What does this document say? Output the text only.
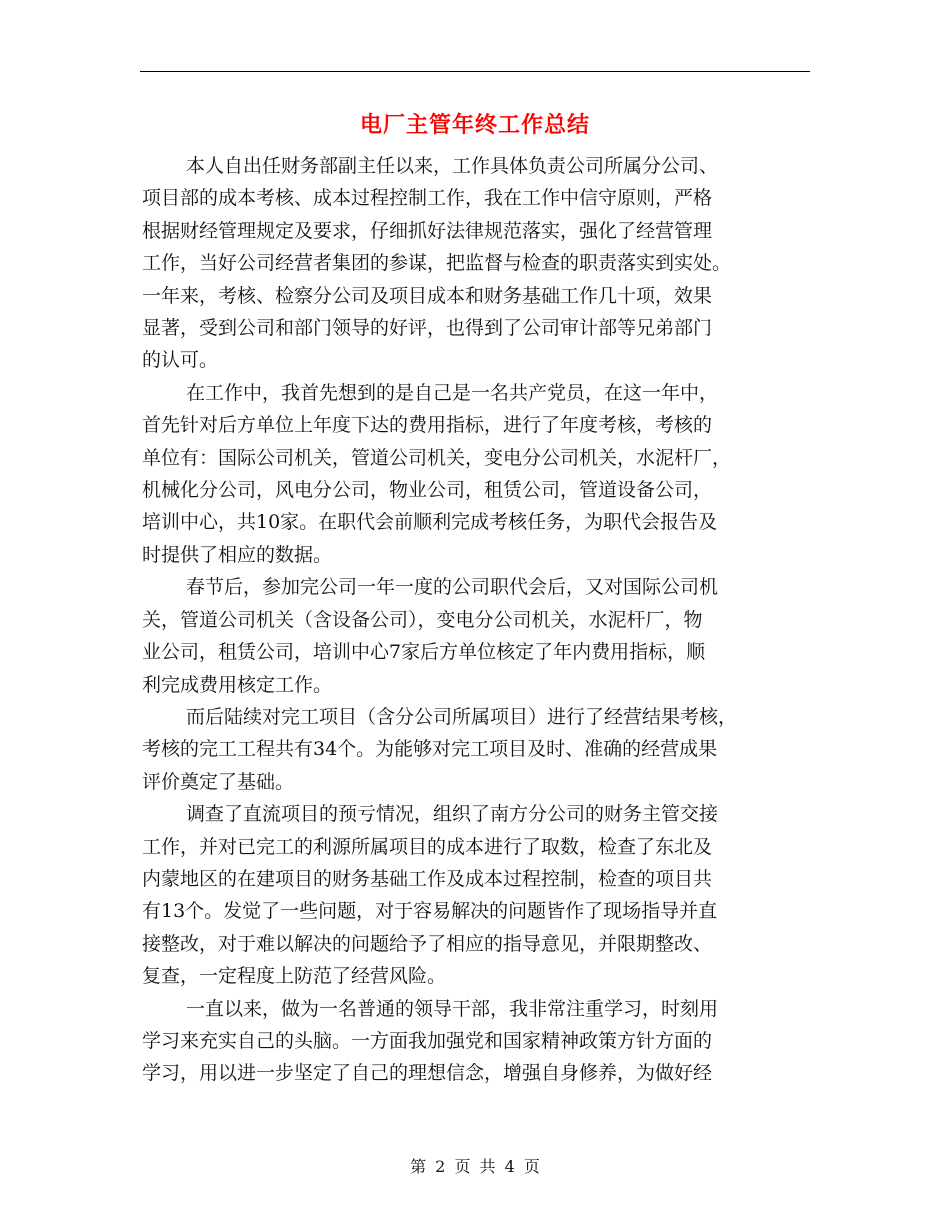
电厂主管年终工作总结

本人自出任财务部副主任以来，工作具体负责公司所属分公司、
项目部的成本考核、成本过程控制工作，我在工作中信守原则，严格
根据财经管理规定及要求，仔细抓好法律规范落实，强化了经营管理
工作，当好公司经营者集团的参谋，把监督与检查的职责落实到实处。
一年来，考核、检察分公司及项目成本和财务基础工作几十项，效果
显著，受到公司和部门领导的好评，也得到了公司审计部等兄弟部门
的认可。

在工作中，我首先想到的是自己是一名共产党员，在这一年中，
首先针对后方单位上年度下达的费用指标，进行了年度考核，考核的
单位有：国际公司机关，管道公司机关，变电分公司机关，水泥杆厂，
机械化分公司，风电分公司，物业公司，租赁公司，管道设备公司，
培训中心，共10家。在职代会前顺利完成考核任务，为职代会报告及
时提供了相应的数据。

春节后，参加完公司一年一度的公司职代会后，又对国际公司机
关，管道公司机关（含设备公司），变电分公司机关，水泥杆厂，物
业公司，租赁公司，培训中心7家后方单位核定了年内费用指标，顺
利完成费用核定工作。

而后陆续对完工项目（含分公司所属项目）进行了经营结果考核，
考核的完工工程共有34个。为能够对完工项目及时、准确的经营成果
评价奠定了基础。

调查了直流项目的预亏情况，组织了南方分公司的财务主管交接
工作，并对已完工的利源所属项目的成本进行了取数，检查了东北及
内蒙地区的在建项目的财务基础工作及成本过程控制，检查的项目共
有13个。发觉了一些问题，对于容易解决的问题皆作了现场指导并直
接整改，对于难以解决的问题给予了相应的指导意见，并限期整改、
复查，一定程度上防范了经营风险。

一直以来，做为一名普通的领导干部，我非常注重学习，时刻用
学习来充实自己的头脑。一方面我加强党和国家精神政策方针方面的
学习，用以进一步坚定了自己的理想信念，增强自身修养，为做好经

第 2 页 共 4 页
